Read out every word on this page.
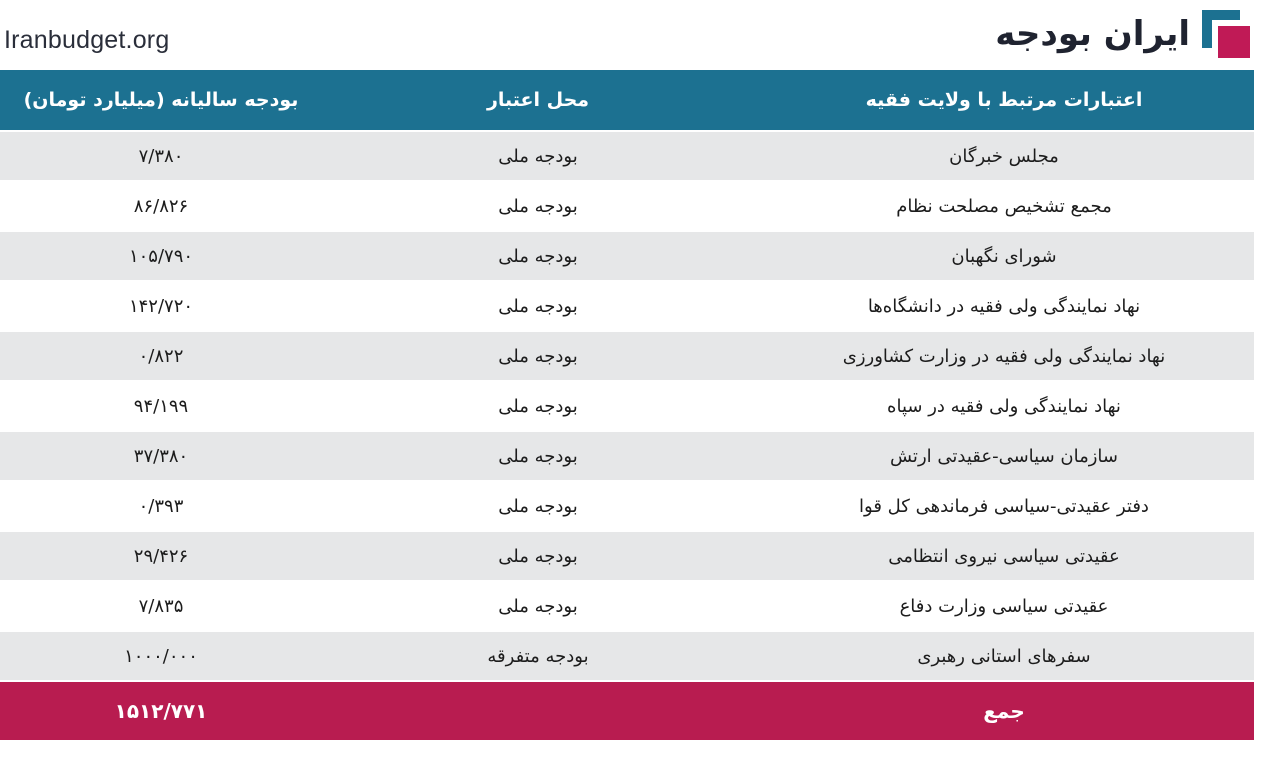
Iranbudget.org	ایران بودجه
اعتبارات مرتبط با ولایت فقیه
محل اعتبار
بودجه سالیانه (میلیارد تومان)
مجلس خبرگان
بودجه ملی
۷/۳۸۰
مجمع تشخیص مصلحت نظام
بودجه ملی
۸۶/۸۲۶
شورای نگهبان
بودجه ملی
۱۰۵/۷۹۰
نهاد نمایندگی ولی فقیه در دانشگاه‌ها
بودجه ملی
۱۴۲/۷۲۰
نهاد نمایندگی ولی فقیه در وزارت کشاورزی
بودجه ملی
۰/۸۲۲
نهاد نمایندگی ولی فقیه در سپاه
بودجه ملی
۹۴/۱۹۹
سازمان سیاسی-عقیدتی ارتش
بودجه ملی
۳۷/۳۸۰
دفتر عقیدتی-سیاسی فرماندهی کل قوا
بودجه ملی
۰/۳۹۳
عقیدتی سیاسی نیروی انتظامی
بودجه ملی
۲۹/۴۲۶
عقیدتی سیاسی وزارت دفاع
بودجه ملی
۷/۸۳۵
سفرهای استانی رهبری
بودجه متفرقه
۱۰۰۰/۰۰۰
جمع
۱۵۱۲/۷۷۱
